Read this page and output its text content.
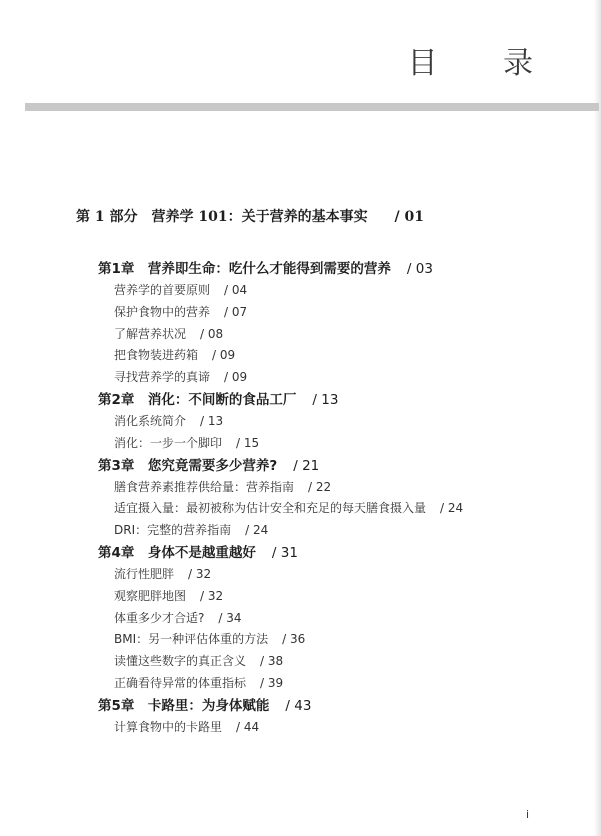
目 录
第 1 部分　营养学 101：关于营养的基本事实 / 01
第1章　营养即生命：吃什么才能得到需要的营养 / 03
营养学的首要原则 / 04
保护食物中的营养 / 07
了解营养状况 / 08
把食物装进药箱 / 09
寻找营养学的真谛 / 09
第2章　消化：不间断的食品工厂 / 13
消化系统简介 / 13
消化：一步一个脚印 / 15
第3章　您究竟需要多少营养? / 21
膳食营养素推荐供给量：营养指南 / 22
适宜摄入量：最初被称为估计安全和充足的每天膳食摄入量 / 24
DRI：完整的营养指南 / 24
第4章　身体不是越重越好 / 31
流行性肥胖 / 32
观察肥胖地图 / 32
体重多少才合适? / 34
BMI：另一种评估体重的方法 / 36
读懂这些数字的真正含义 / 38
正确看待异常的体重指标 / 39
第5章　卡路里：为身体赋能 / 43
计算食物中的卡路里 / 44
i
